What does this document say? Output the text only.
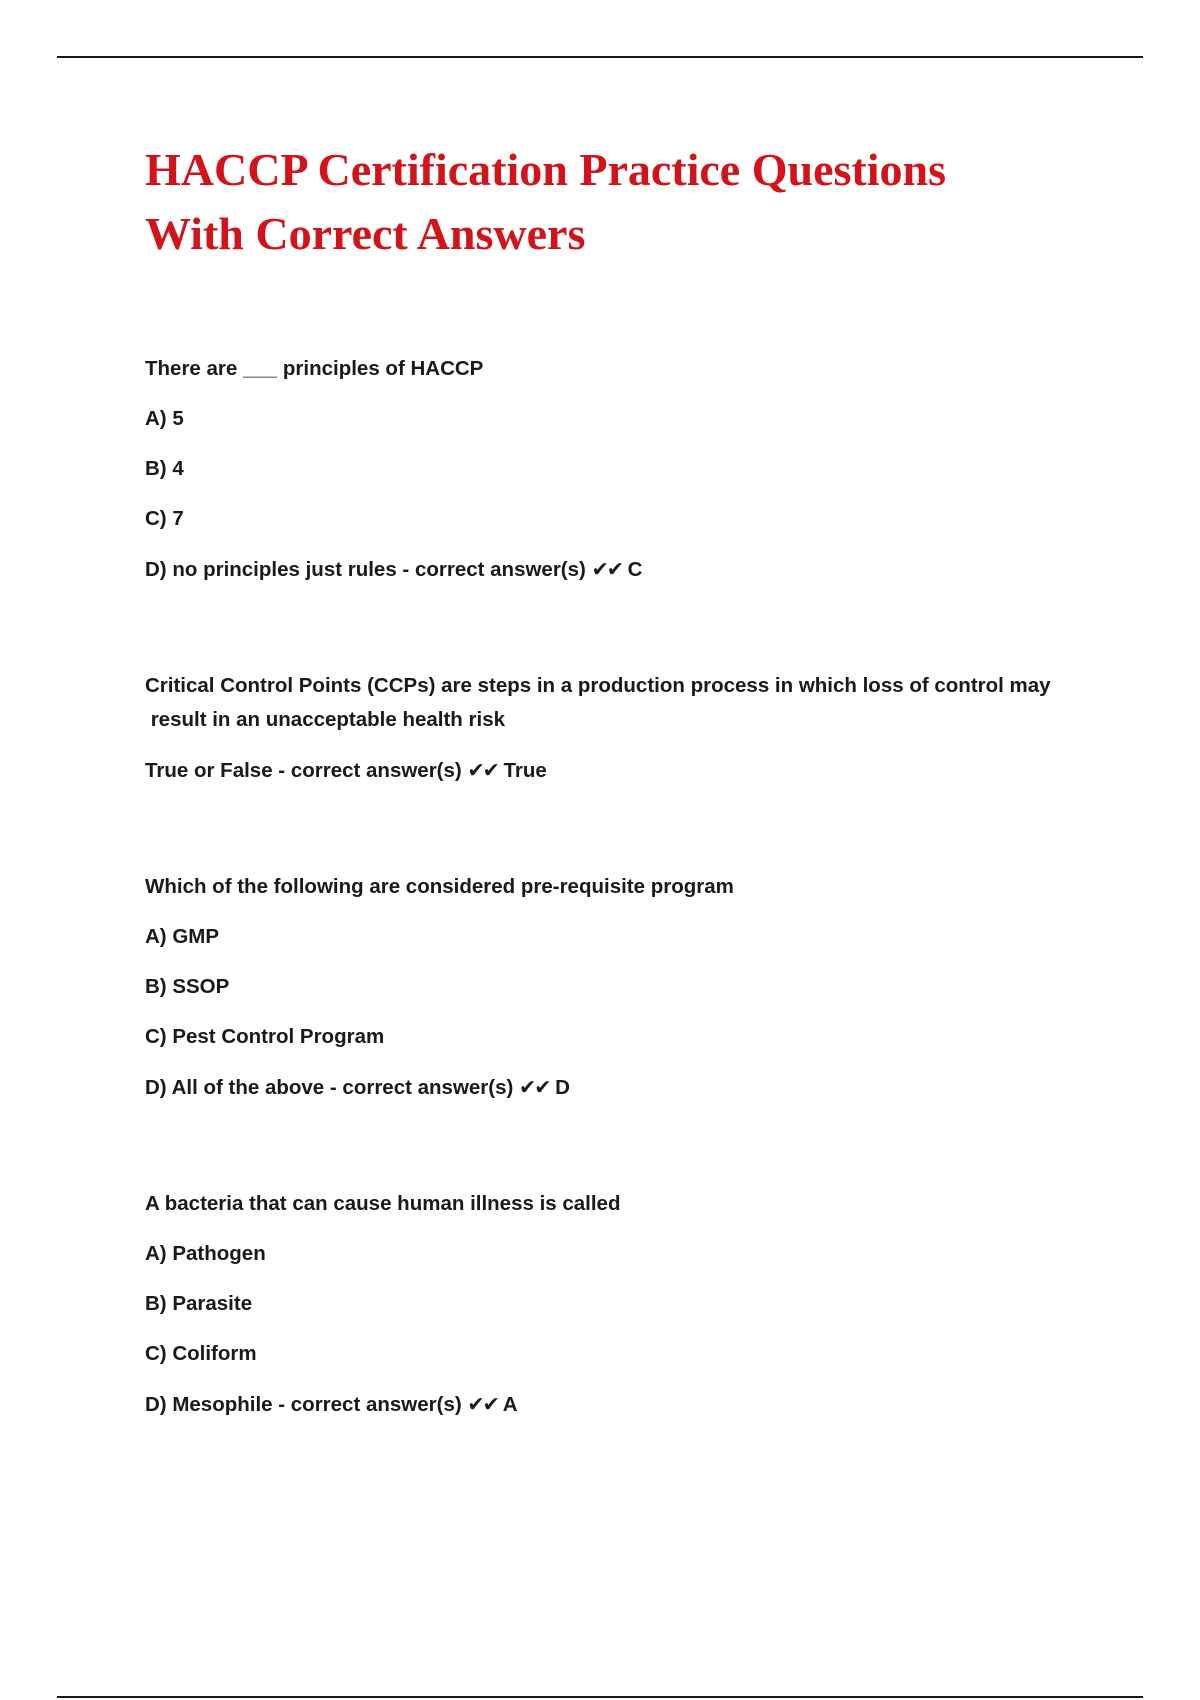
HACCP Certification Practice Questions
With Correct Answers
There are ___ principles of HACCP
A) 5
B) 4
C) 7
D) no principles just rules - correct answer(s) ✔✔ C
Critical Control Points (CCPs) are steps in a production process in which loss of control may
result in an unacceptable health risk
True or False - correct answer(s) ✔✔ True
Which of the following are considered pre-requisite program
A) GMP
B) SSOP
C) Pest Control Program
D) All of the above - correct answer(s) ✔✔ D
A bacteria that can cause human illness is called
A) Pathogen
B) Parasite
C) Coliform
D) Mesophile - correct answer(s) ✔✔ A
